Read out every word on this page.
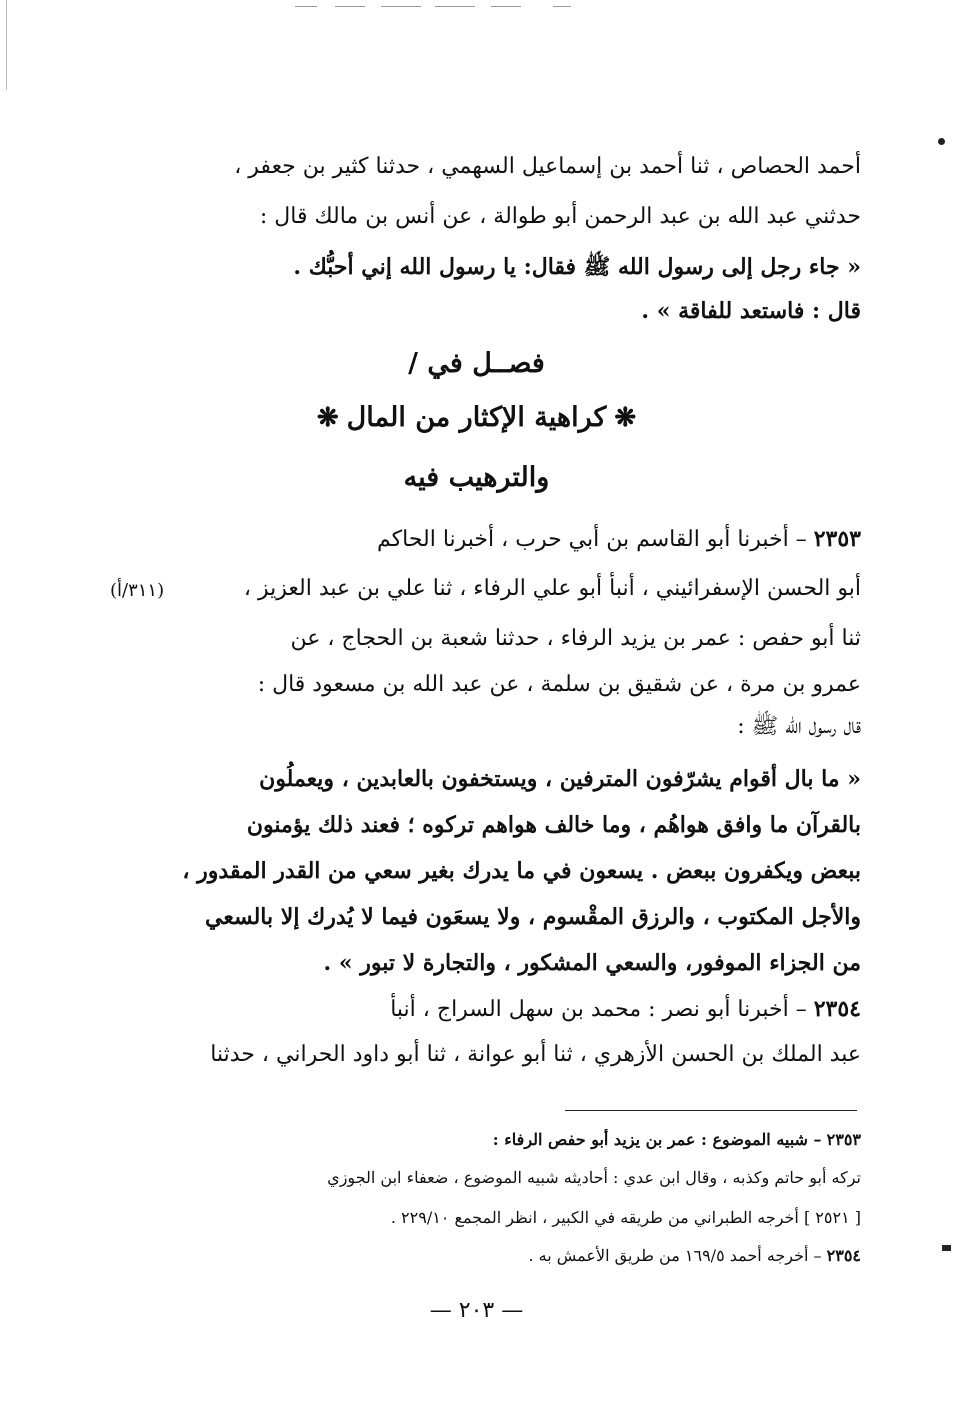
أحمد الحصاص ، ثنا أحمد بن إسماعيل السهمي ، حدثنا كثير بن جعفر ،
حدثني عبد الله بن عبد الرحمن أبو طوالة ، عن أنس بن مالك قال :
« جاء رجل إلى رسول الله ﷺ فقال: يا رسول الله إني أحبُّك .
قال : فاستعد للفاقة » .
فصــل في /
❋كراهية الإكثار من المال❋
والترهيب فيه
٢٣٥٣ – أخبرنا أبو القاسم بن أبي حرب ، أخبرنا الحاكم
أبو الحسن الإسفرائيني ، أنبأ أبو علي الرفاء ، ثنا علي بن عبد العزيز ،
(٣١١/أ)
ثنا أبو حفص : عمر بن يزيد الرفاء ، حدثنا شعبة بن الحجاج ، عن
عمرو بن مرة ، عن شقيق بن سلمة ، عن عبد الله بن مسعود قال :
قال رسول الله ﷺ :
« ما بال أقوام يشرّفون المترفين ، ويستخفون بالعابدين ، ويعملُون
بالقرآن ما وافق هواهُم ، وما خالف هواهم تركوه ؛ فعند ذلك يؤمنون
ببعض ويكفرون ببعض . يسعون في ما يدرك بغير سعي من القدر المقدور ،
والأجل المكتوب ، والرزق المقْسوم ، ولا يسعَون فيما لا يُدرك إلا بالسعي
من الجزاء الموفور، والسعي المشكور ، والتجارة لا تبور » .
٢٣٥٤ – أخبرنا أبو نصر : محمد بن سهل السراج ، أنبأ
عبد الملك بن الحسن الأزهري ، ثنا أبو عوانة ، ثنا أبو داود الحراني ، حدثنا
٢٣٥٣ – شبيه الموضوع : عمر بن يزيد أبو حفص الرفاء :
تركه أبو حاتم وكذبه ، وقال ابن عدي : أحاديثه شبيه الموضوع ، ضعفاء ابن الجوزي
[ ٢٥٢١ ] أخرجه الطبراني من طريقه في الكبير ، انظر المجمع ٢٢٩/١٠ .
٢٣٥٤ – أخرجه أحمد ١٦٩/٥ من طريق الأعمش به .
— ٢٠٣ —
